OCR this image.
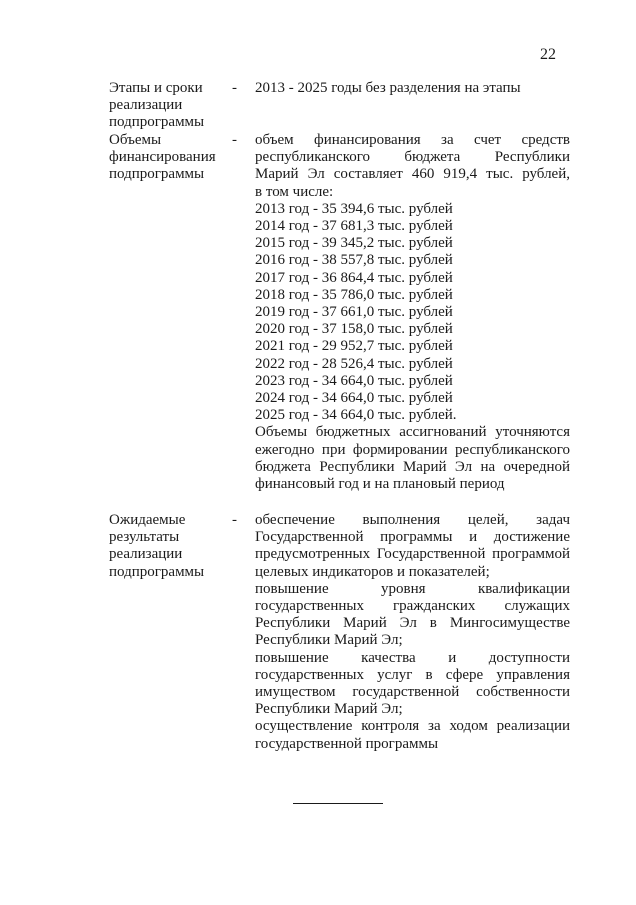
22
Этапы и сроки
реализации
подпрограммы
- 2013 - 2025 годы без разделения на этапы
Объемы
финансирования
подпрограммы
- объем финансирования за счет средств
республиканского бюджета Республики
Марий Эл составляет 460 919,4 тыс. рублей,
в том числе:
2013 год - 35 394,6 тыс. рублей
2014 год - 37 681,3 тыс. рублей
2015 год - 39 345,2 тыс. рублей
2016 год - 38 557,8 тыс. рублей
2017 год - 36 864,4 тыс. рублей
2018 год - 35 786,0 тыс. рублей
2019 год - 37 661,0 тыс. рублей
2020 год - 37 158,0 тыс. рублей
2021 год - 29 952,7 тыс. рублей
2022 год - 28 526,4 тыс. рублей
2023 год - 34 664,0 тыс. рублей
2024 год - 34 664,0 тыс. рублей
2025 год - 34 664,0 тыс. рублей.
Объемы бюджетных ассигнований уточняются
ежегодно при формировании республиканского
бюджета Республики Марий Эл на очередной
финансовый год и на плановый период
Ожидаемые
результаты
реализации
подпрограммы
- обеспечение выполнения целей, задач
Государственной программы и достижение
предусмотренных Государственной программой
целевых индикаторов и показателей;
повышение уровня квалификации
государственных гражданских служащих
Республики Марий Эл в Мингосимуществе
Республики Марий Эл;
повышение качества и доступности
государственных услуг в сфере управления
имуществом государственной собственности
Республики Марий Эл;
осуществление контроля за ходом реализации
государственной программы
